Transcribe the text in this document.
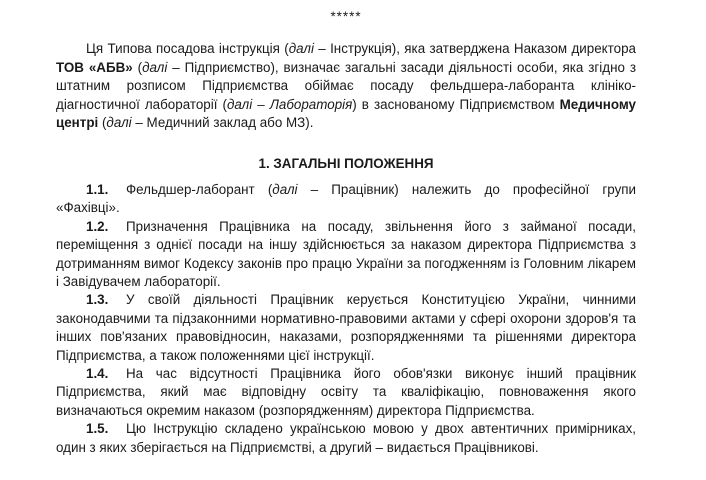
*****

Ця Типова посадова інструкція (далі – Інструкція), яка затверджена Наказом директора ТОВ «АБВ» (далі – Підприємство), визначає загальні засади діяльності особи, яка згідно з штатним розписом Підприємства обіймає посаду фельдшера-лаборанта клініко-діагностичної лабораторії (далі – Лабораторія) в заснованому Підприємством Медичному центрі (далі – Медичний заклад або МЗ).

1. ЗАГАЛЬНІ ПОЛОЖЕННЯ

1.1. Фельдшер-лаборант (далі – Працівник) належить до професійної групи «Фахівці».

1.2. Призначення Працівника на посаду, звільнення його з займаної посади, переміщення з однієї посади на іншу здійснюється за наказом директора Підприємства з дотриманням вимог Кодексу законів про працю України за погодженням із Головним лікарем і Завідувачем лабораторії.

1.3. У своїй діяльності Працівник керується Конституцією України, чинними законодавчими та підзаконними нормативно-правовими актами у сфері охорони здоров'я та інших пов'язаних правовідносин, наказами, розпорядженнями та рішеннями директора Підприємства, а також положеннями цієї інструкції.

1.4. На час відсутності Працівника його обов'язки виконує інший працівник Підприємства, який має відповідну освіту та кваліфікацію, повноваження якого визначаються окремим наказом (розпорядженням) директора Підприємства.

1.5. Цю Інструкцію складено українською мовою у двох автентичних примірниках, один з яких зберігається на Підприємстві, а другий – видається Працівникові.
